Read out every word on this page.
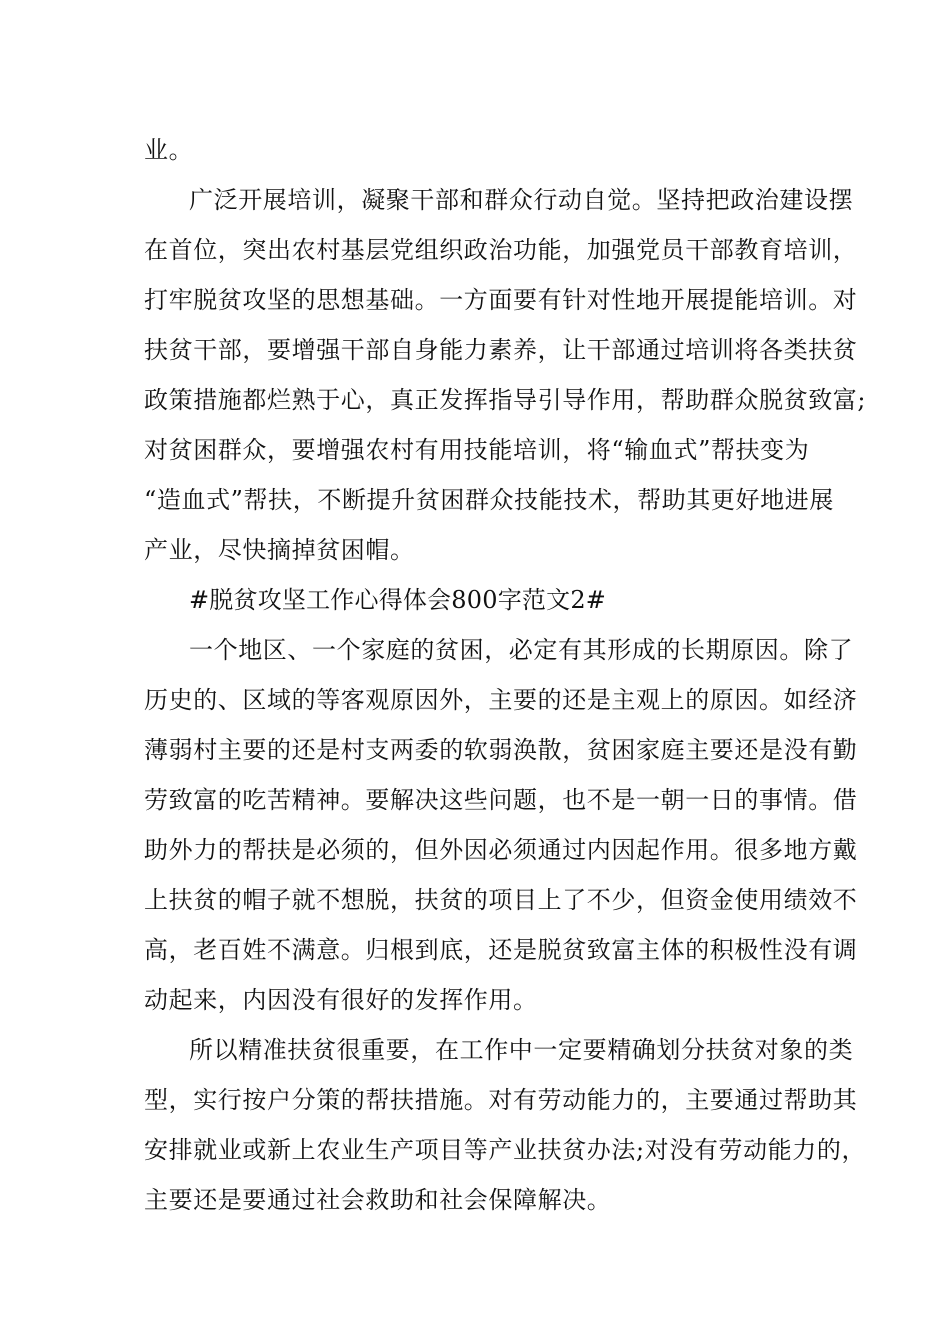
业。
广泛开展培训，凝聚干部和群众行动自觉。坚持把政治建设摆
在首位，突出农村基层党组织政治功能，加强党员干部教育培训，
打牢脱贫攻坚的思想基础。一方面要有针对性地开展提能培训。对
扶贫干部，要增强干部自身能力素养，让干部通过培训将各类扶贫
政策措施都烂熟于心，真正发挥指导引导作用，帮助群众脱贫致富;
对贫困群众，要增强农村有用技能培训，将“输血式”帮扶变为
“造血式”帮扶，不断提升贫困群众技能技术，帮助其更好地进展
产业，尽快摘掉贫困帽。
#脱贫攻坚工作心得体会800字范文2#
一个地区、一个家庭的贫困，必定有其形成的长期原因。除了
历史的、区域的等客观原因外，主要的还是主观上的原因。如经济
薄弱村主要的还是村支两委的软弱涣散，贫困家庭主要还是没有勤
劳致富的吃苦精神。要解决这些问题，也不是一朝一日的事情。借
助外力的帮扶是必须的，但外因必须通过内因起作用。很多地方戴
上扶贫的帽子就不想脱，扶贫的项目上了不少，但资金使用绩效不
高，老百姓不满意。归根到底，还是脱贫致富主体的积极性没有调
动起来，内因没有很好的发挥作用。
所以精准扶贫很重要，在工作中一定要精确划分扶贫对象的类
型，实行按户分策的帮扶措施。对有劳动能力的，主要通过帮助其
安排就业或新上农业生产项目等产业扶贫办法;对没有劳动能力的，
主要还是要通过社会救助和社会保障解决。
